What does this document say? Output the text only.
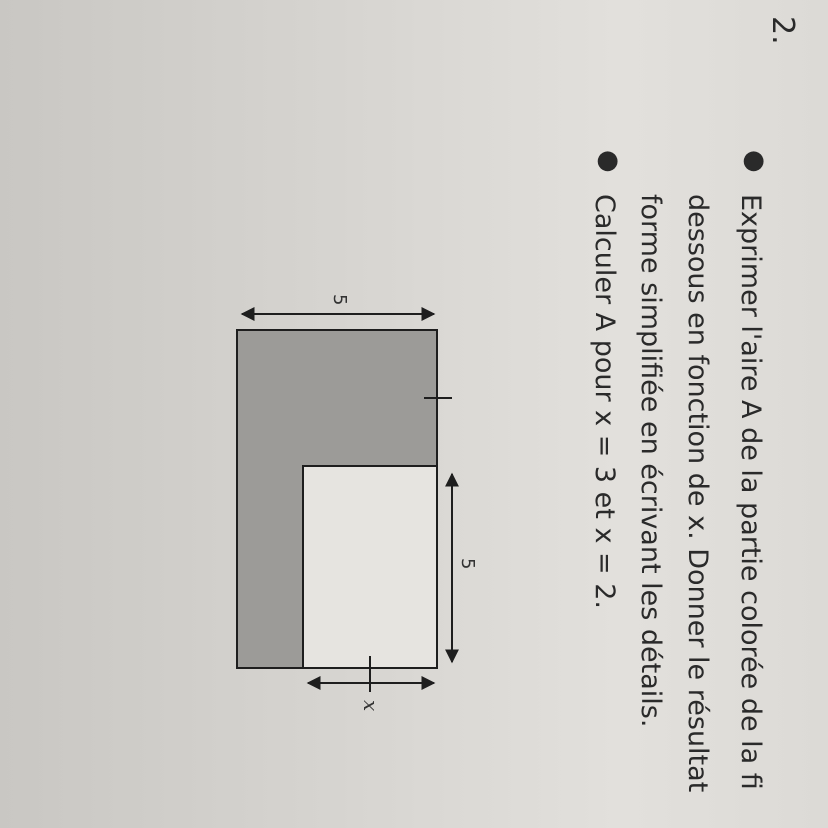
2.
●
Exprimer l'aire A de la partie colorée de la fi
dessous en fonction de x. Donner le résultat
forme simplifiée en écrivant les détails.
●
Calculer A pour x = 3 et x = 2.
5
5
x
